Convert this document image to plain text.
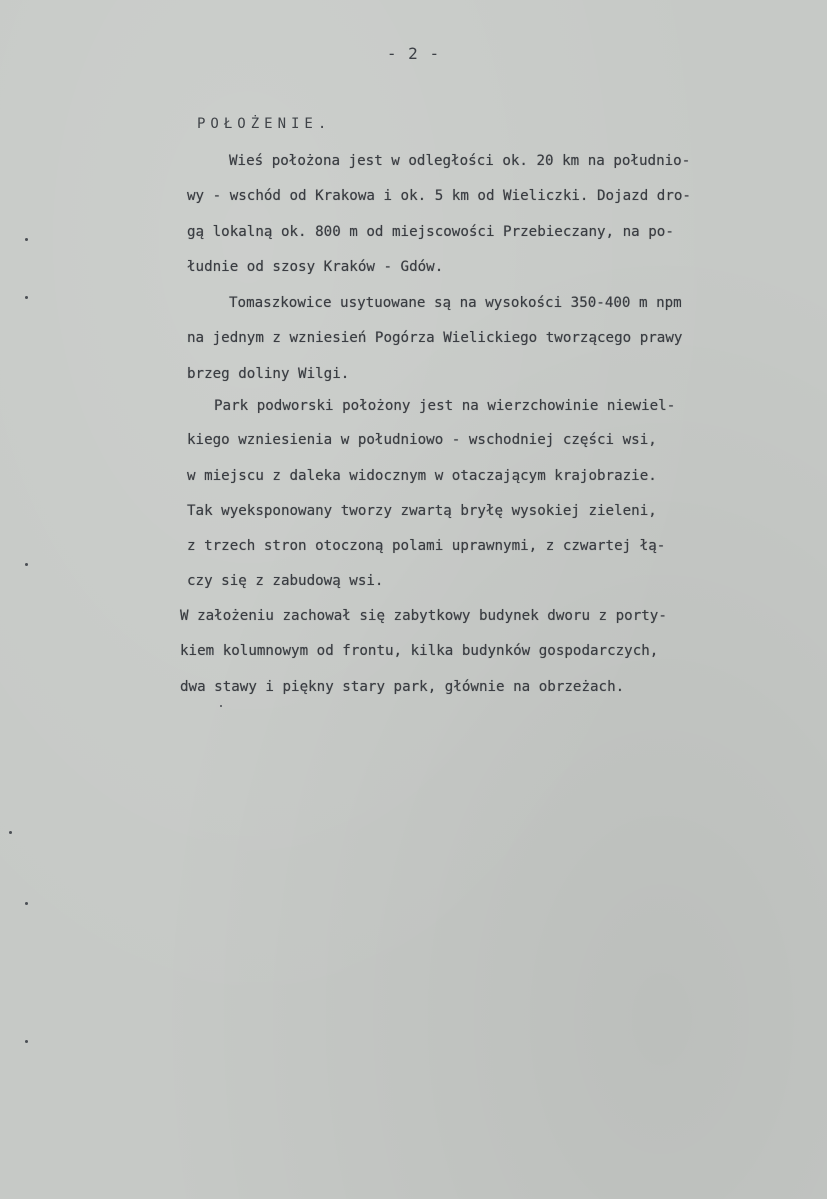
- 2 -
POŁOŻENIE.
Wieś położona jest w odległości ok. 20 km na południo-
wy - wschód od Krakowa i ok. 5 km od Wieliczki. Dojazd dro-
gą lokalną ok. 800 m od miejscowości Przebieczany, na po-
łudnie od szosy Kraków - Gdów.
Tomaszkowice usytuowane są na wysokości 350-400 m npm
na jednym z wzniesień Pogórza Wielickiego tworzącego prawy
brzeg doliny Wilgi.
Park podworski położony jest na wierzchowinie niewiel-
kiego wzniesienia w południowo - wschodniej części wsi,
w miejscu z daleka widocznym w otaczającym krajobrazie.
Tak wyeksponowany tworzy zwartą bryłę wysokiej zieleni,
z trzech stron otoczoną polami uprawnymi, z czwartej łą-
czy się z zabudową wsi.
W założeniu zachował się zabytkowy budynek dworu z porty-
kiem kolumnowym od frontu, kilka budynków gospodarczych,
dwa stawy i piękny stary park, głównie na obrzeżach.
